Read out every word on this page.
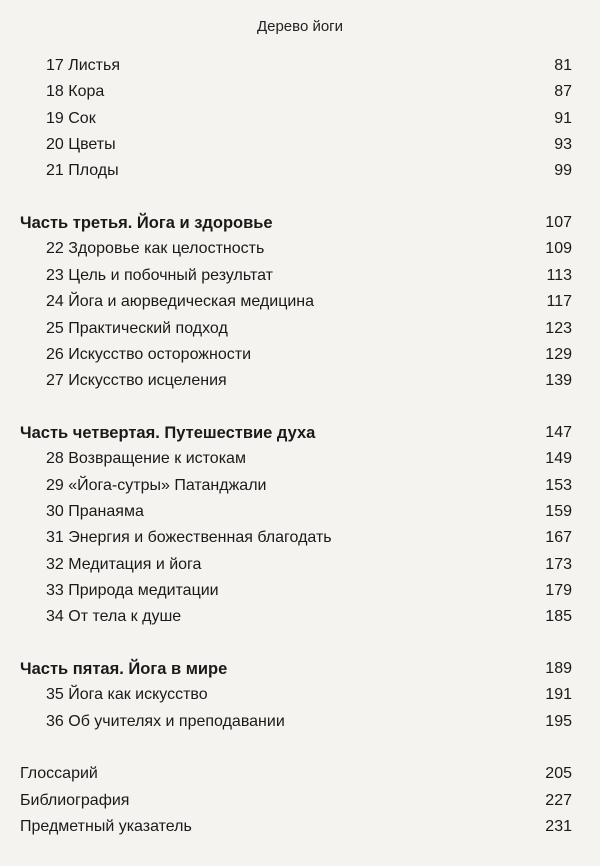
Дерево йоги
17 Листья	81
18 Кора	87
19 Сок	91
20 Цветы	93
21 Плоды	99
Часть третья. Йога и здоровье	107
22 Здоровье как целостность	109
23 Цель и побочный результат	113
24 Йога и аюрведическая медицина	117
25 Практический подход	123
26 Искусство осторожности	129
27 Искусство исцеления	139
Часть четвертая. Путешествие духа	147
28 Возвращение к истокам	149
29 «Йога-сутры» Патанджали	153
30 Пранаяма	159
31 Энергия и божественная благодать	167
32 Медитация и йога	173
33 Природа медитации	179
34 От тела к душе	185
Часть пятая. Йога в мире	189
35 Йога как искусство	191
36 Об учителях и преподавании	195
Глоссарий	205
Библиография	227
Предметный указатель	231
